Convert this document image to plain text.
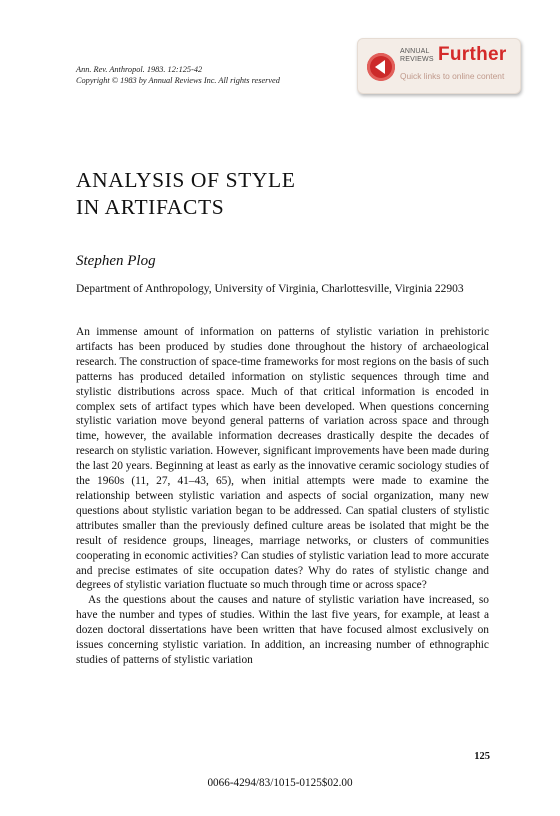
Ann. Rev. Anthropol. 1983. 12:125-42
Copyright © 1983 by Annual Reviews Inc. All rights reserved
ANNUAL
REVIEWS Further
Quick links to online content
ANALYSIS OF STYLE
IN ARTIFACTS
Stephen Plog
Department of Anthropology, University of Virginia, Charlottesville, Virginia 22903

An immense amount of information on patterns of stylistic variation in prehistoric artifacts has been produced by studies done throughout the history of archaeological research. The construction of space-time frameworks for most regions on the basis of such patterns has produced detailed information on stylistic sequences through time and stylistic distributions across space. Much of that critical information is encoded in complex sets of artifact types which have been developed. When questions concerning stylistic variation move beyond general patterns of variation across space and through time, however, the available information decreases drastically despite the decades of research on stylistic variation. However, significant improvements have been made during the last 20 years. Beginning at least as early as the innovative ceramic sociology studies of the 1960s (11, 27, 41–43, 65), when initial attempts were made to examine the relationship between stylistic variation and aspects of social organization, many new questions about stylistic variation began to be addressed. Can spatial clusters of stylistic attributes smaller than the previously defined culture areas be isolated that might be the result of residence groups, lineages, marriage networks, or clusters of communities cooperating in economic activities? Can studies of stylistic variation lead to more accurate and precise estimates of site occupation dates? Why do rates of stylistic change and degrees of stylistic variation fluctuate so much through time or across space?

As the questions about the causes and nature of stylistic variation have increased, so have the number and types of studies. Within the last five years, for example, at least a dozen doctoral dissertations have been written that have focused almost exclusively on issues concerning stylistic variation. In addition, an increasing number of ethnographic studies of patterns of stylistic variation

125
0066-4294/83/1015-0125$02.00
